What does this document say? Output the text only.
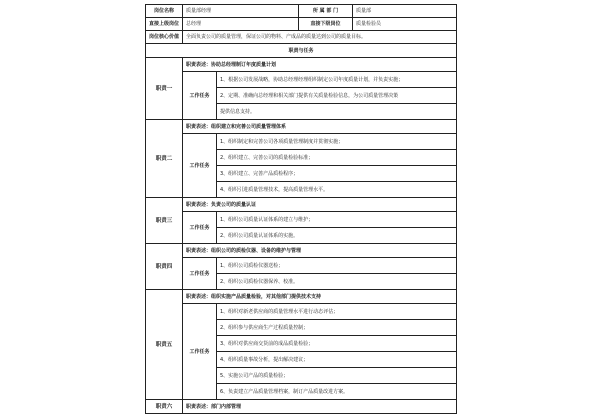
岗位名称	质量部经理		所 属 部 门	质量部
直接上级岗位	总经理		直接下级岗位	质量检验员
岗位核心价值	全面负责公司的质量管理，保证公司的物料、产成品的质量达到公司的质量目标。			
职责与任务				
职责一	职责表述：协助总经理制订年度质量计划			
	工作任务	1、根据公司发展战略，协助总经理经理组织制定公司年度质量计划，并负责实施；		
		2、定期、准确向总经理和相关部门提供有关质量检验信息，为公司质量管理决策		
		提供信息支持。		
职责二	职责表述：组织建立和完善公司质量管理体系			
	工作任务	1、组织制定和完善公司各项质量管理制度并贯彻实施；		
		2、组织建立、完善公司的质量检验标准；		
		3、组织建立、完善产品质检程序；		
		4、组织引进质量管理技术，提高质量管理水平。		
职责三	职责表述：负责公司的质量认证			
	工作任务	1、组织公司质量认证体系的建立与维护；		
		2、组织公司质量认证体系的实施。		
职责四	职责表述：组织公司的质检仪器、设备的维护与管理			
	工作任务	1、组织公司质检仪器送检；		
		2、组织公司质检仪器保养、校准。		
职责五	职责表述：组织实施产品质量检验，对其他部门提供技术支持			
	工作任务	1、组织对新老供应商的质量管理水平进行动态评估；		
		2、组织参与供应商生产过程质量控制；		
		3、组织对供应商交货前的成品质量检验；		
		4、组织质量事故分析，提出解决建议；		
		5、实施公司产品的质量检验；		
		6、负责建立产品质量管理档案，制订产品质量改进方案。		
职责六	职责表述：部门内部管理			
